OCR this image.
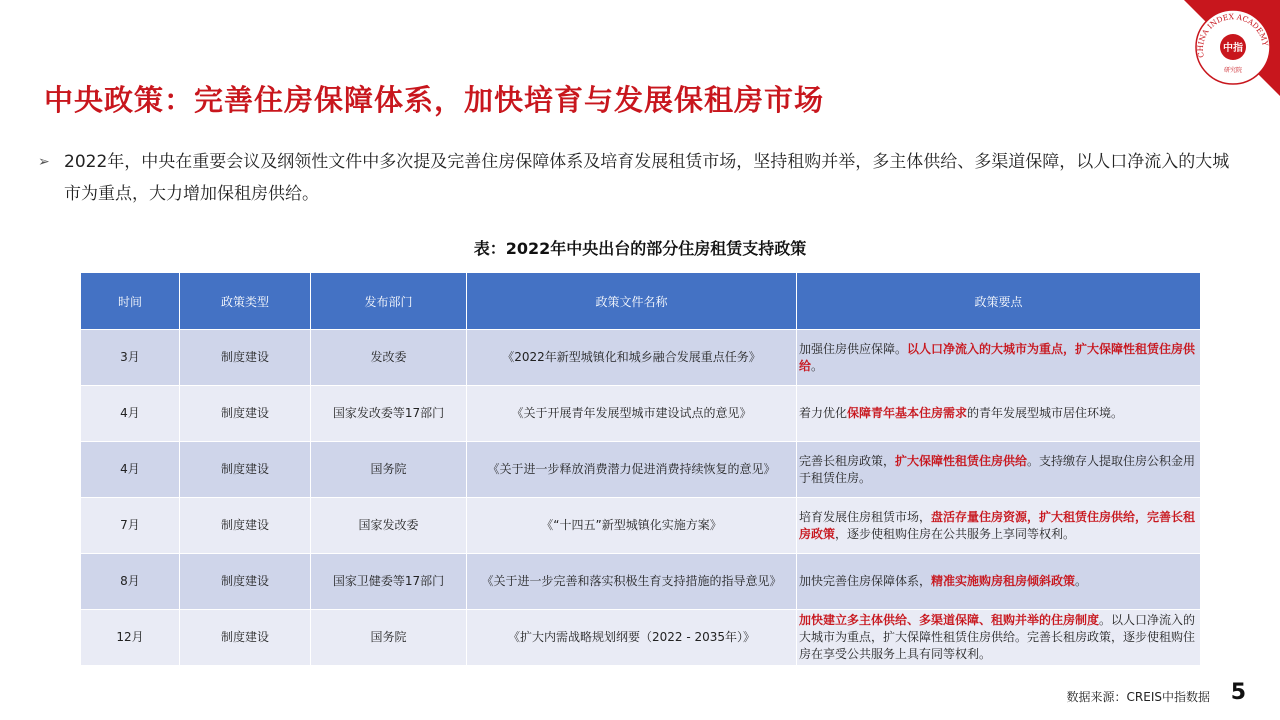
CHINA INDEX ACADEMY
中指
研究院
中央政策：完善住房保障体系，加快培育与发展保租房市场
➢ 2022年，中央在重要会议及纲领性文件中多次提及完善住房保障体系及培育发展租赁市场，坚持租购并举，多主体供给、多渠道保障，以人口净流入的大城市为重点，大力增加保租房供给。
表：2022年中央出台的部分住房租赁支持政策
时间	政策类型	发布部门	政策文件名称	政策要点
3月	制度建设	发改委	《2022年新型城镇化和城乡融合发展重点任务》	加强住房供应保障。以人口净流入的大城市为重点，扩大保障性租赁住房供给。
4月	制度建设	国家发改委等17部门	《关于开展青年发展型城市建设试点的意见》	着力优化保障青年基本住房需求的青年发展型城市居住环境。
4月	制度建设	国务院	《关于进一步释放消费潜力促进消费持续恢复的意见》	完善长租房政策，扩大保障性租赁住房供给。支持缴存人提取住房公积金用于租赁住房。
7月	制度建设	国家发改委	《“十四五”新型城镇化实施方案》	培育发展住房租赁市场，盘活存量住房资源，扩大租赁住房供给，完善长租房政策，逐步使租购住房在公共服务上享同等权利。
8月	制度建设	国家卫健委等17部门	《关于进一步完善和落实积极生育支持措施的指导意见》	加快完善住房保障体系，精准实施购房租房倾斜政策。
12月	制度建设	国务院	《扩大内需战略规划纲要（2022 - 2035年）》	加快建立多主体供给、多渠道保障、租购并举的住房制度。以人口净流入的大城市为重点，扩大保障性租赁住房供给。完善长租房政策，逐步使租购住房在享受公共服务上具有同等权利。
数据来源：CREIS中指数据 5
